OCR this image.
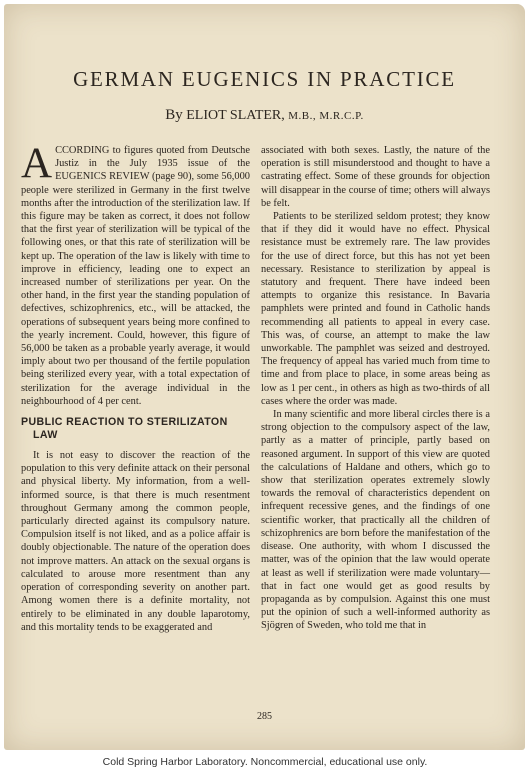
GERMAN EUGENICS IN PRACTICE
By ELIOT SLATER, M.B., M.R.C.P.

ACCORDING to figures quoted from Deutsche Justiz in the July 1935 issue of the EUGENICS REVIEW (page 90), some 56,000 people were sterilized in Germany in the first twelve months after the introduction of the sterilization law. If this figure may be taken as correct, it does not follow that the first year of sterilization will be typical of the following ones, or that this rate of sterilization will be kept up. The operation of the law is likely with time to improve in efficiency, leading one to expect an increased number of sterilizations per year. On the other hand, in the first year the standing population of defectives, schizophrenics, etc., will be attacked, the operations of subsequent years being more confined to the yearly increment. Could, however, this figure of 56,000 be taken as a probable yearly average, it would imply about two per thousand of the fertile population being sterilized every year, with a total expectation of sterilization for the average individual in the neighbourhood of 4 per cent.

PUBLIC REACTION TO STERILIZATON
LAW

It is not easy to discover the reaction of the population to this very definite attack on their personal and physical liberty. My information, from a well-informed source, is that there is much resentment throughout Germany among the common people, particularly directed against its compulsory nature. Compulsion itself is not liked, and as a police affair is doubly objectionable. The nature of the operation does not improve matters. An attack on the sexual organs is calculated to arouse more resentment than any operation of corresponding severity on another part. Among women there is a definite mortality, not entirely to be eliminated in any double laparotomy, and this mortality tends to be exaggerated and

associated with both sexes. Lastly, the nature of the operation is still misunderstood and thought to have a castrating effect. Some of these grounds for objection will disappear in the course of time; others will always be felt.

Patients to be sterilized seldom protest; they know that if they did it would have no effect. Physical resistance must be extremely rare. The law provides for the use of direct force, but this has not yet been necessary. Resistance to sterilization by appeal is statutory and frequent. There have indeed been attempts to organize this resistance. In Bavaria pamphlets were printed and found in Catholic hands recommending all patients to appeal in every case. This was, of course, an attempt to make the law unworkable. The pamphlet was seized and destroyed. The frequency of appeal has varied much from time to time and from place to place, in some areas being as low as 1 per cent., in others as high as two-thirds of all cases where the order was made.

In many scientific and more liberal circles there is a strong objection to the compulsory aspect of the law, partly as a matter of principle, partly based on reasoned argument. In support of this view are quoted the calculations of Haldane and others, which go to show that sterilization operates extremely slowly towards the removal of characteristics dependent on infrequent recessive genes, and the findings of one scientific worker, that practically all the children of schizophrenics are born before the manifestation of the disease. One authority, with whom I discussed the matter, was of the opinion that the law would operate at least as well if sterilization were made voluntary—that in fact one would get as good results by propaganda as by compulsion. Against this one must put the opinion of such a well-informed authority as Sjögren of Sweden, who told me that in

285
Cold Spring Harbor Laboratory. Noncommercial, educational use only.
